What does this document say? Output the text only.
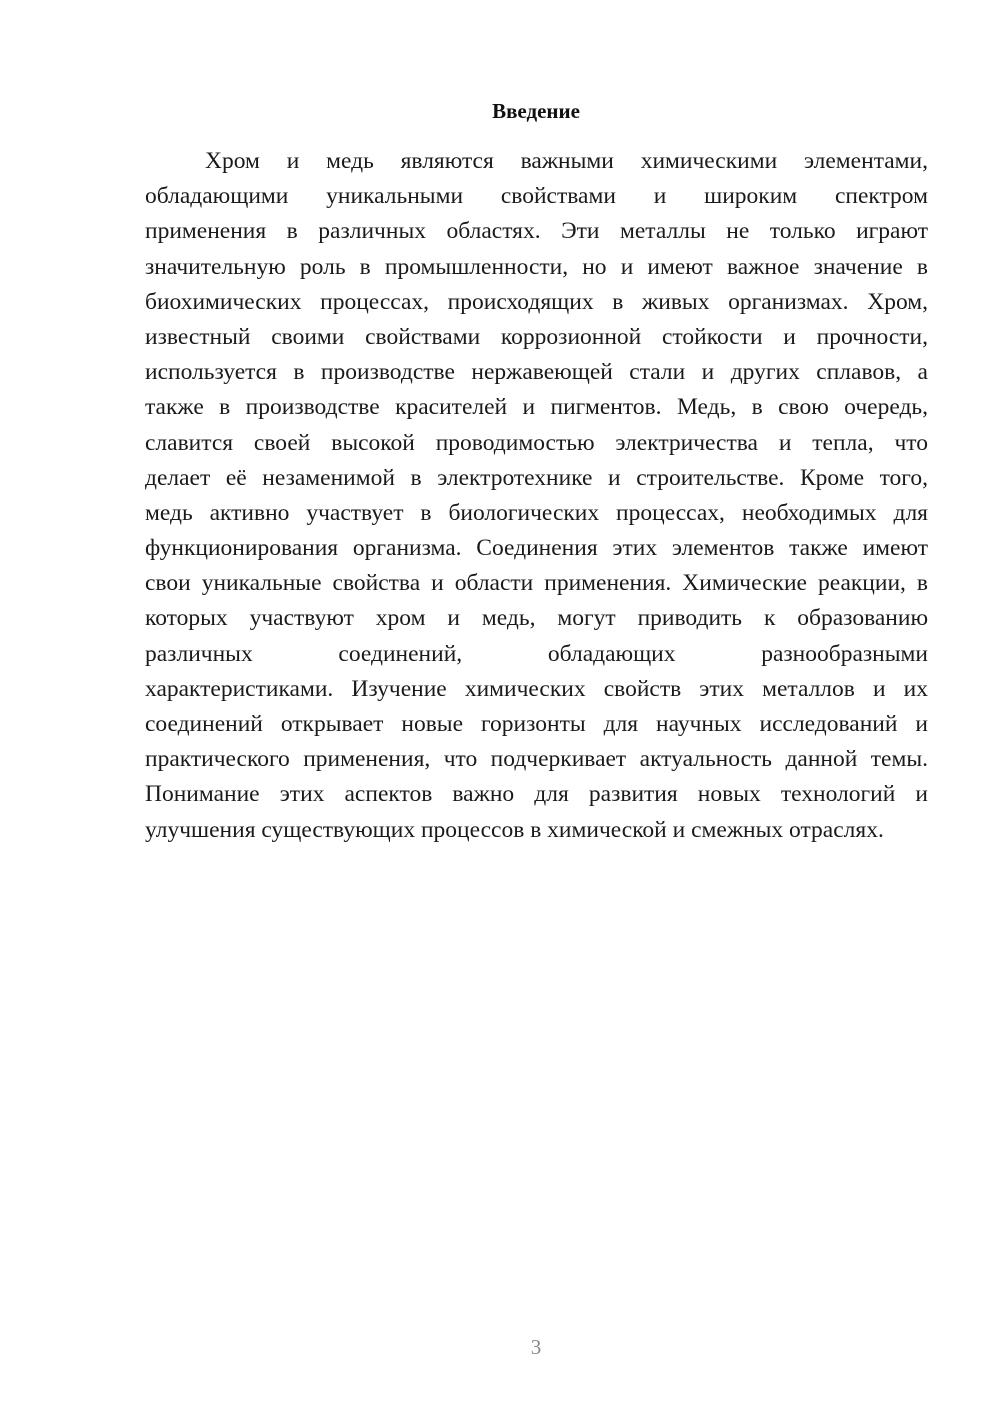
Введение
Хром и медь являются важными химическими элементами,
обладающими уникальными свойствами и широким спектром
применения в различных областях. Эти металлы не только играют
значительную роль в промышленности, но и имеют важное значение в
биохимических процессах, происходящих в живых организмах. Хром,
известный своими свойствами коррозионной стойкости и прочности,
используется в производстве нержавеющей стали и других сплавов, а
также в производстве красителей и пигментов. Медь, в свою очередь,
славится своей высокой проводимостью электричества и тепла, что
делает её незаменимой в электротехнике и строительстве. Кроме того,
медь активно участвует в биологических процессах, необходимых для
функционирования организма. Соединения этих элементов также имеют
свои уникальные свойства и области применения. Химические реакции, в
которых участвуют хром и медь, могут приводить к образованию
различных соединений, обладающих разнообразными
характеристиками. Изучение химических свойств этих металлов и их
соединений открывает новые горизонты для научных исследований и
практического применения, что подчеркивает актуальность данной темы.
Понимание этих аспектов важно для развития новых технологий и
улучшения существующих процессов в химической и смежных отраслях.
3
